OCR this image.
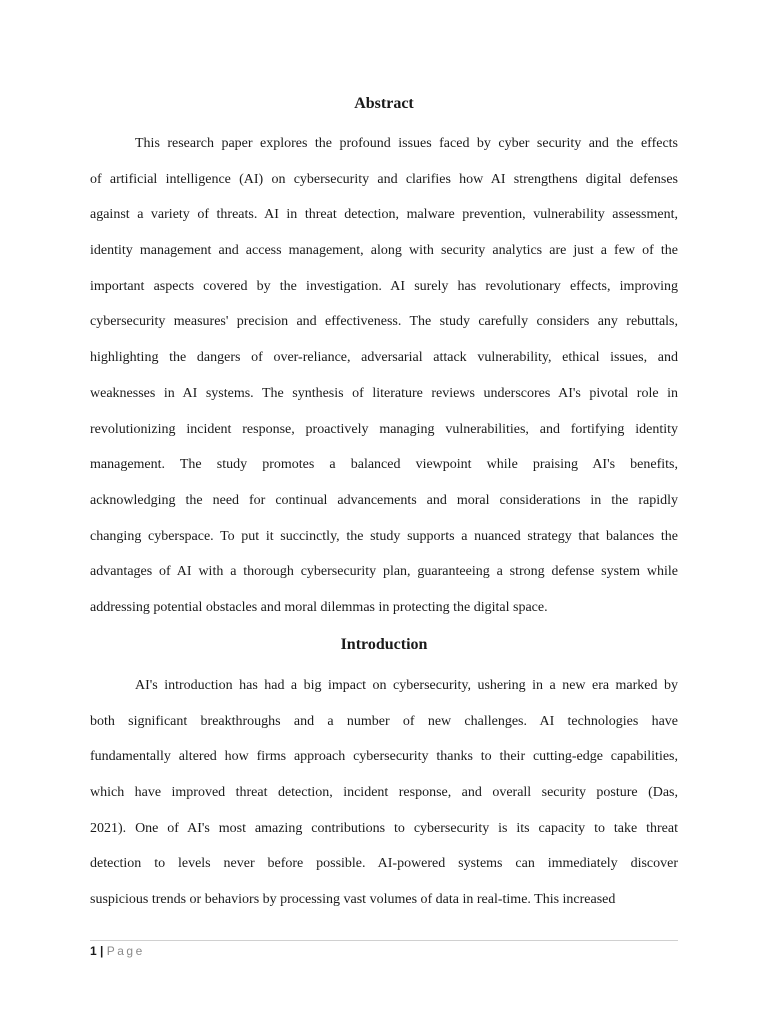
Abstract
This research paper explores the profound issues faced by cyber security and the effects
of artificial intelligence (AI) on cybersecurity and clarifies how AI strengthens digital defenses
against a variety of threats. AI in threat detection, malware prevention, vulnerability assessment,
identity management and access management, along with security analytics are just a few of the
important aspects covered by the investigation. AI surely has revolutionary effects, improving
cybersecurity measures' precision and effectiveness. The study carefully considers any rebuttals,
highlighting the dangers of over-reliance, adversarial attack vulnerability, ethical issues, and
weaknesses in AI systems. The synthesis of literature reviews underscores AI's pivotal role in
revolutionizing incident response, proactively managing vulnerabilities, and fortifying identity
management. The study promotes a balanced viewpoint while praising AI's benefits,
acknowledging the need for continual advancements and moral considerations in the rapidly
changing cyberspace. To put it succinctly, the study supports a nuanced strategy that balances the
advantages of AI with a thorough cybersecurity plan, guaranteeing a strong defense system while
addressing potential obstacles and moral dilemmas in protecting the digital space.
Introduction
AI's introduction has had a big impact on cybersecurity, ushering in a new era marked by
both significant breakthroughs and a number of new challenges. AI technologies have
fundamentally altered how firms approach cybersecurity thanks to their cutting-edge capabilities,
which have improved threat detection, incident response, and overall security posture (Das,
2021). One of AI's most amazing contributions to cybersecurity is its capacity to take threat
detection to levels never before possible. AI-powered systems can immediately discover
suspicious trends or behaviors by processing vast volumes of data in real-time. This increased
1 | Page
